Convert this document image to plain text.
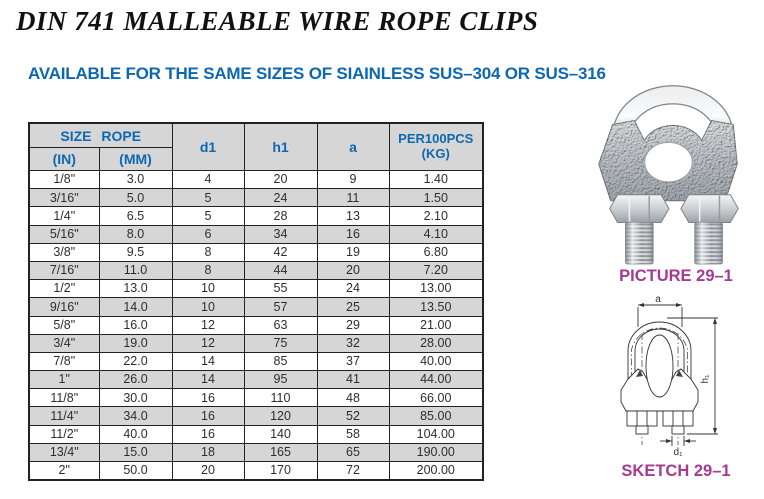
DIN 741 MALLEABLE WIRE ROPE CLIPS
AVAILABLE FOR THE SAME SIZES OF SIAINLESS SUS–304 OR SUS–316
SIZE ROPE		d1	h1	a	PER100PCS
(KG)
(IN)	(MM)				
1/8"	3.0	4	20	9	1.40
3/16"	5.0	5	24	11	1.50
1/4"	6.5	5	28	13	2.10
5/16"	8.0	6	34	16	4.10
3/8"	9.5	8	42	19	6.80
7/16"	11.0	8	44	20	7.20
1/2"	13.0	10	55	24	13.00
9/16"	14.0	10	57	25	13.50
5/8"	16.0	12	63	29	21.00
3/4"	19.0	12	75	32	28.00
7/8"	22.0	14	85	37	40.00
1"	26.0	14	95	41	44.00
11/8"	30.0	16	110	48	66.00
11/4"	34.0	16	120	52	85.00
11/2"	40.0	16	140	58	104.00
13/4"	15.0	18	165	65	190.00
2"	50.0	20	170	72	200.00
PICTURE 29–1
a
h₁
d₁
SKETCH 29–1
